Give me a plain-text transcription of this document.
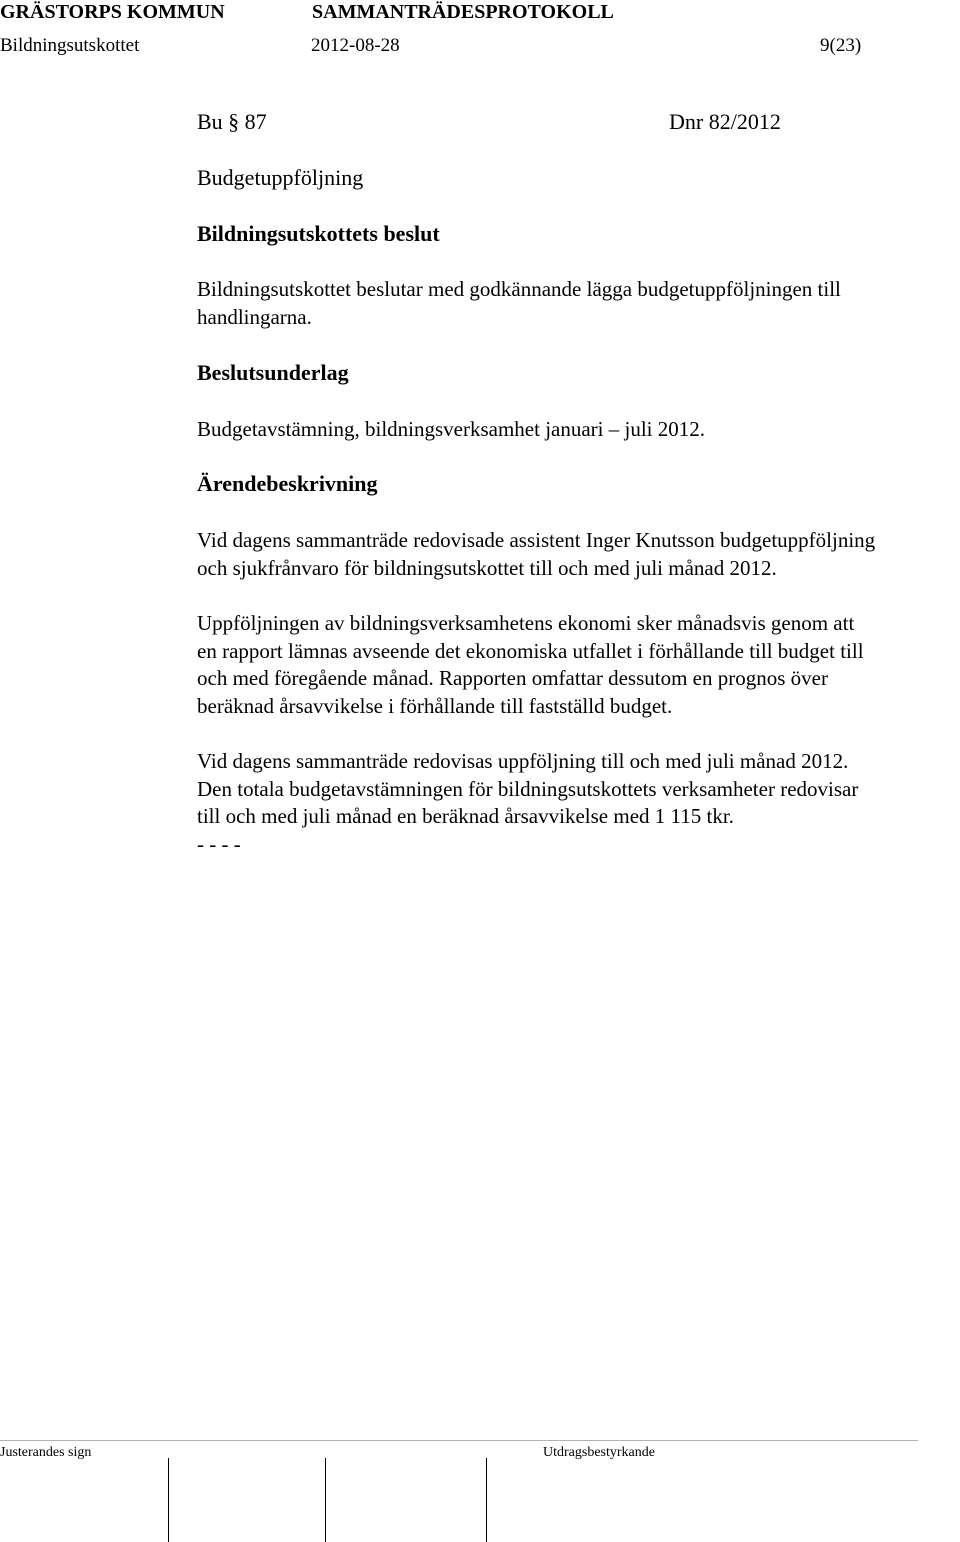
GRÄSTORPS KOMMUN	SAMMANTRÄDESPROTOKOLL
Bildningsutskottet	2012-08-28	9(23)
Bu § 87	Dnr 82/2012
Budgetuppföljning
Bildningsutskottets beslut
Bildningsutskottet beslutar med godkännande lägga budgetuppföljningen till
handlingarna.
Beslutsunderlag
Budgetavstämning, bildningsverksamhet januari – juli 2012.
Ärendebeskrivning
Vid dagens sammanträde redovisade assistent Inger Knutsson budgetuppföljning
och sjukfrånvaro för bildningsutskottet till och med juli månad 2012.
Uppföljningen av bildningsverksamhetens ekonomi sker månadsvis genom att
en rapport lämnas avseende det ekonomiska utfallet i förhållande till budget till
och med föregående månad. Rapporten omfattar dessutom en prognos över
beräknad årsavvikelse i förhållande till fastställd budget.
Vid dagens sammanträde redovisas uppföljning till och med juli månad 2012.
Den totala budgetavstämningen för bildningsutskottets verksamheter redovisar
till och med juli månad en beräknad årsavvikelse med 1 115 tkr.
- - - -
Justerandes sign	Utdragsbestyrkande
